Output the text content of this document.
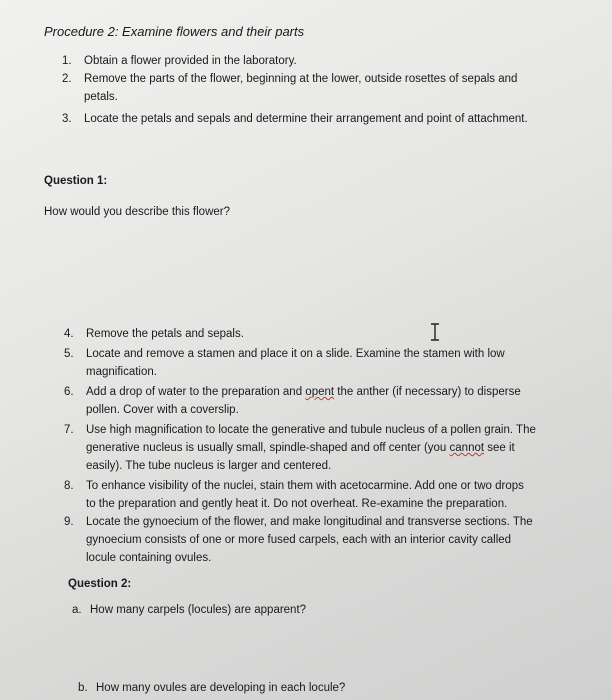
Procedure 2: Examine flowers and their parts
1. Obtain a flower provided in the laboratory.
2. Remove the parts of the flower, beginning at the lower, outside rosettes of sepals and
petals.
3. Locate the petals and sepals and determine their arrangement and point of attachment.
Question 1:
How would you describe this flower?
4. Remove the petals and sepals.
5. Locate and remove a stamen and place it on a slide. Examine the stamen with low
magnification.
6. Add a drop of water to the preparation and opent the anther (if necessary) to disperse
pollen. Cover with a coverslip.
7. Use high magnification to locate the generative and tubule nucleus of a pollen grain. The
generative nucleus is usually small, spindle-shaped and off center (you cannot see it
easily). The tube nucleus is larger and centered.
8. To enhance visibility of the nuclei, stain them with acetocarmine. Add one or two drops
to the preparation and gently heat it. Do not overheat. Re-examine the preparation.
9. Locate the gynoecium of the flower, and make longitudinal and transverse sections. The
gynoecium consists of one or more fused carpels, each with an interior cavity called
locule containing ovules.
Question 2:
a. How many carpels (locules) are apparent?
b. How many ovules are developing in each locule?
